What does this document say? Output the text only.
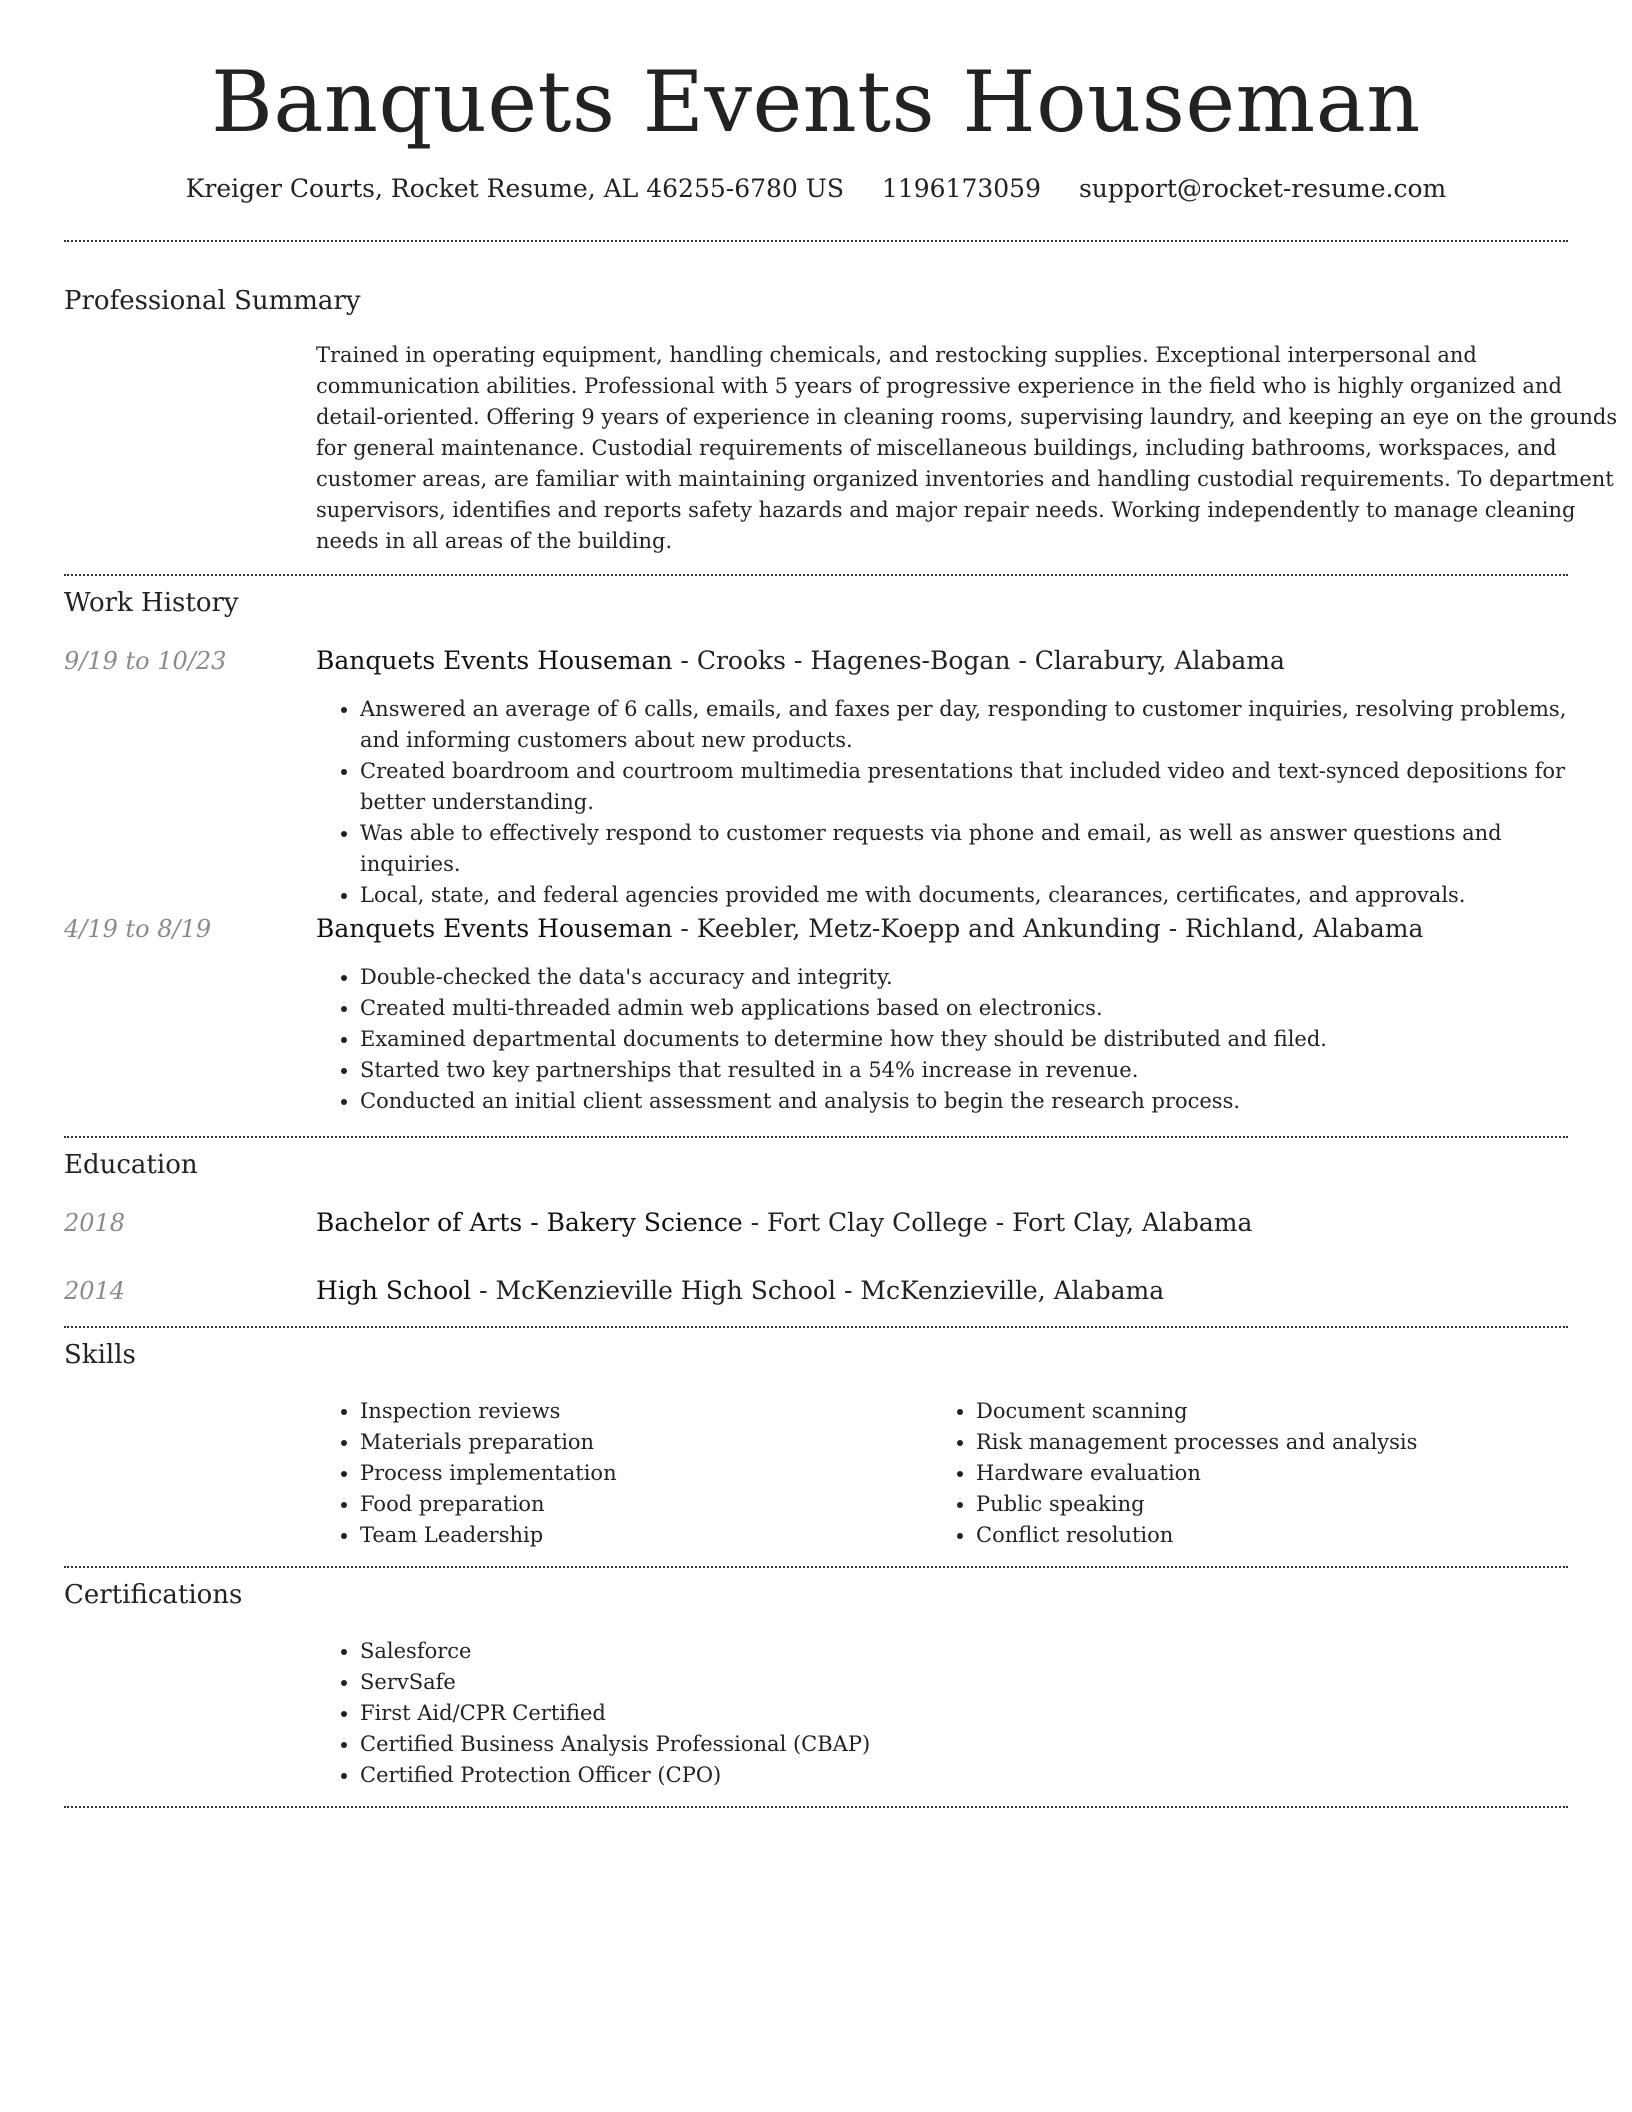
Banquets Events Houseman
Kreiger Courts, Rocket Resume, AL 46255-6780 US 1196173059 support@rocket-resume.com
Professional Summary
Trained in operating equipment, handling chemicals, and restocking supplies. Exceptional interpersonal and communication abilities. Professional with 5 years of progressive experience in the field who is highly organized and detail-oriented. Offering 9 years of experience in cleaning rooms, supervising laundry, and keeping an eye on the grounds for general maintenance. Custodial requirements of miscellaneous buildings, including bathrooms, workspaces, and customer areas, are familiar with maintaining organized inventories and handling custodial requirements. To department supervisors, identifies and reports safety hazards and major repair needs. Working independently to manage cleaning needs in all areas of the building.
Work History
9/19 to 10/23	Banquets Events Houseman - Crooks - Hagenes-Bogan - Clarabury, Alabama
• Answered an average of 6 calls, emails, and faxes per day, responding to customer inquiries, resolving problems, and informing customers about new products.
• Created boardroom and courtroom multimedia presentations that included video and text-synced depositions for better understanding.
• Was able to effectively respond to customer requests via phone and email, as well as answer questions and inquiries.
• Local, state, and federal agencies provided me with documents, clearances, certificates, and approvals.
4/19 to 8/19	Banquets Events Houseman - Keebler, Metz-Koepp and Ankunding - Richland, Alabama
• Double-checked the data's accuracy and integrity.
• Created multi-threaded admin web applications based on electronics.
• Examined departmental documents to determine how they should be distributed and filed.
• Started two key partnerships that resulted in a 54% increase in revenue.
• Conducted an initial client assessment and analysis to begin the research process.
Education
2018	Bachelor of Arts - Bakery Science - Fort Clay College - Fort Clay, Alabama
2014	High School - McKenzieville High School - McKenzieville, Alabama
Skills
• Inspection reviews
• Materials preparation
• Process implementation
• Food preparation
• Team Leadership
• Document scanning
• Risk management processes and analysis
• Hardware evaluation
• Public speaking
• Conflict resolution
Certifications
• Salesforce
• ServSafe
• First Aid/CPR Certified
• Certified Business Analysis Professional (CBAP)
• Certified Protection Officer (CPO)
